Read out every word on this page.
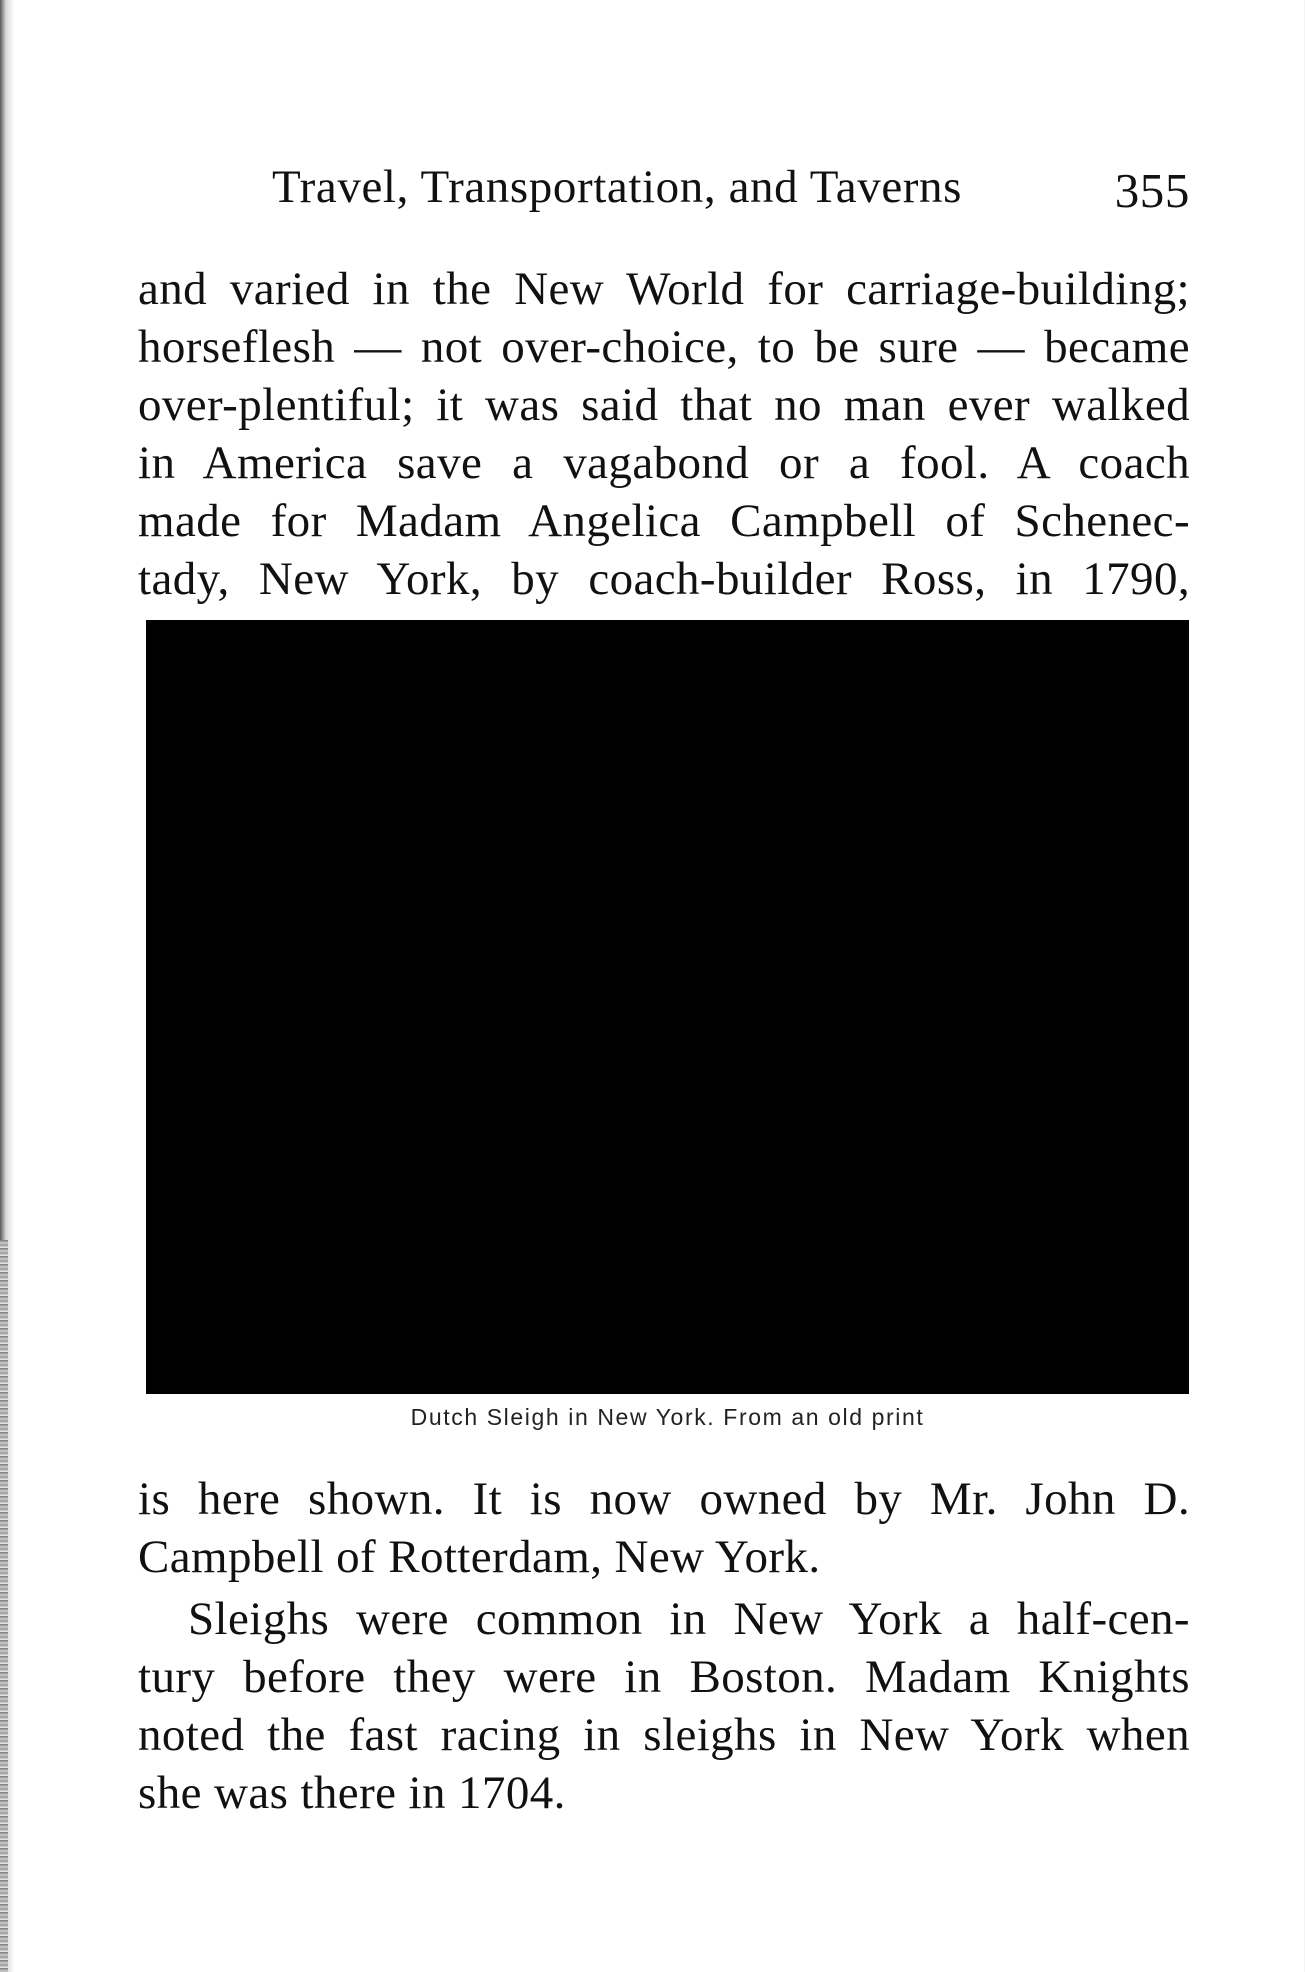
Travel, Transportation, and Taverns	355
and varied in the New World for carriage-building;
horseflesh — not over-choice, to be sure — became
over-plentiful; it was said that no man ever walked
in America save a vagabond or a fool. A coach
made for Madam Angelica Campbell of Schenec-
tady, New York, by coach-builder Ross, in 1790,
Dutch Sleigh in New York. From an old print
is here shown. It is now owned by Mr. John D.
Campbell of Rotterdam, New York.
Sleighs were common in New York a half-cen-
tury before they were in Boston. Madam Knights
noted the fast racing in sleighs in New York when
she was there in 1704.
